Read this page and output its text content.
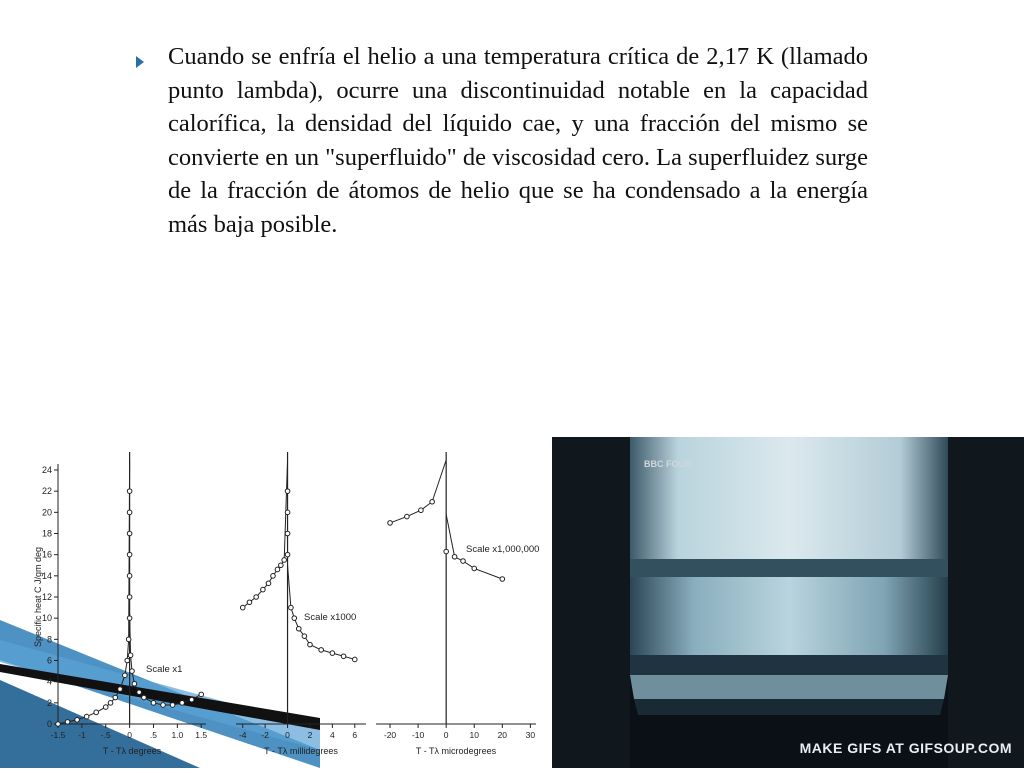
Cuando se enfría el helio a una temperatura crítica de 2,17 K (llamado punto lambda), ocurre una discontinuidad notable en la capacidad calorífica, la densidad del líquido cae, y una fracción del mismo se convierte en un "superfluido" de viscosidad cero. La superfluidez surge de la fracción de átomos de helio que se ha condensado a la energía más baja posible.
0
2
4
6
8
10
12
14
16
18
20
22
24
Specific heat C J/gm deg
-1.5 -1 -.5 0 .5 1.0 1.5
T - Tλ degrees
Scale x1
-4 -2 0 2 4 6
T - Tλ millidegrees
Scale x1000
-20 -10 0 10 20 30
T - Tλ microdegrees
Scale x1,000,000
BBC FOUR
MAKE GIFS AT GIFSOUP.COM
